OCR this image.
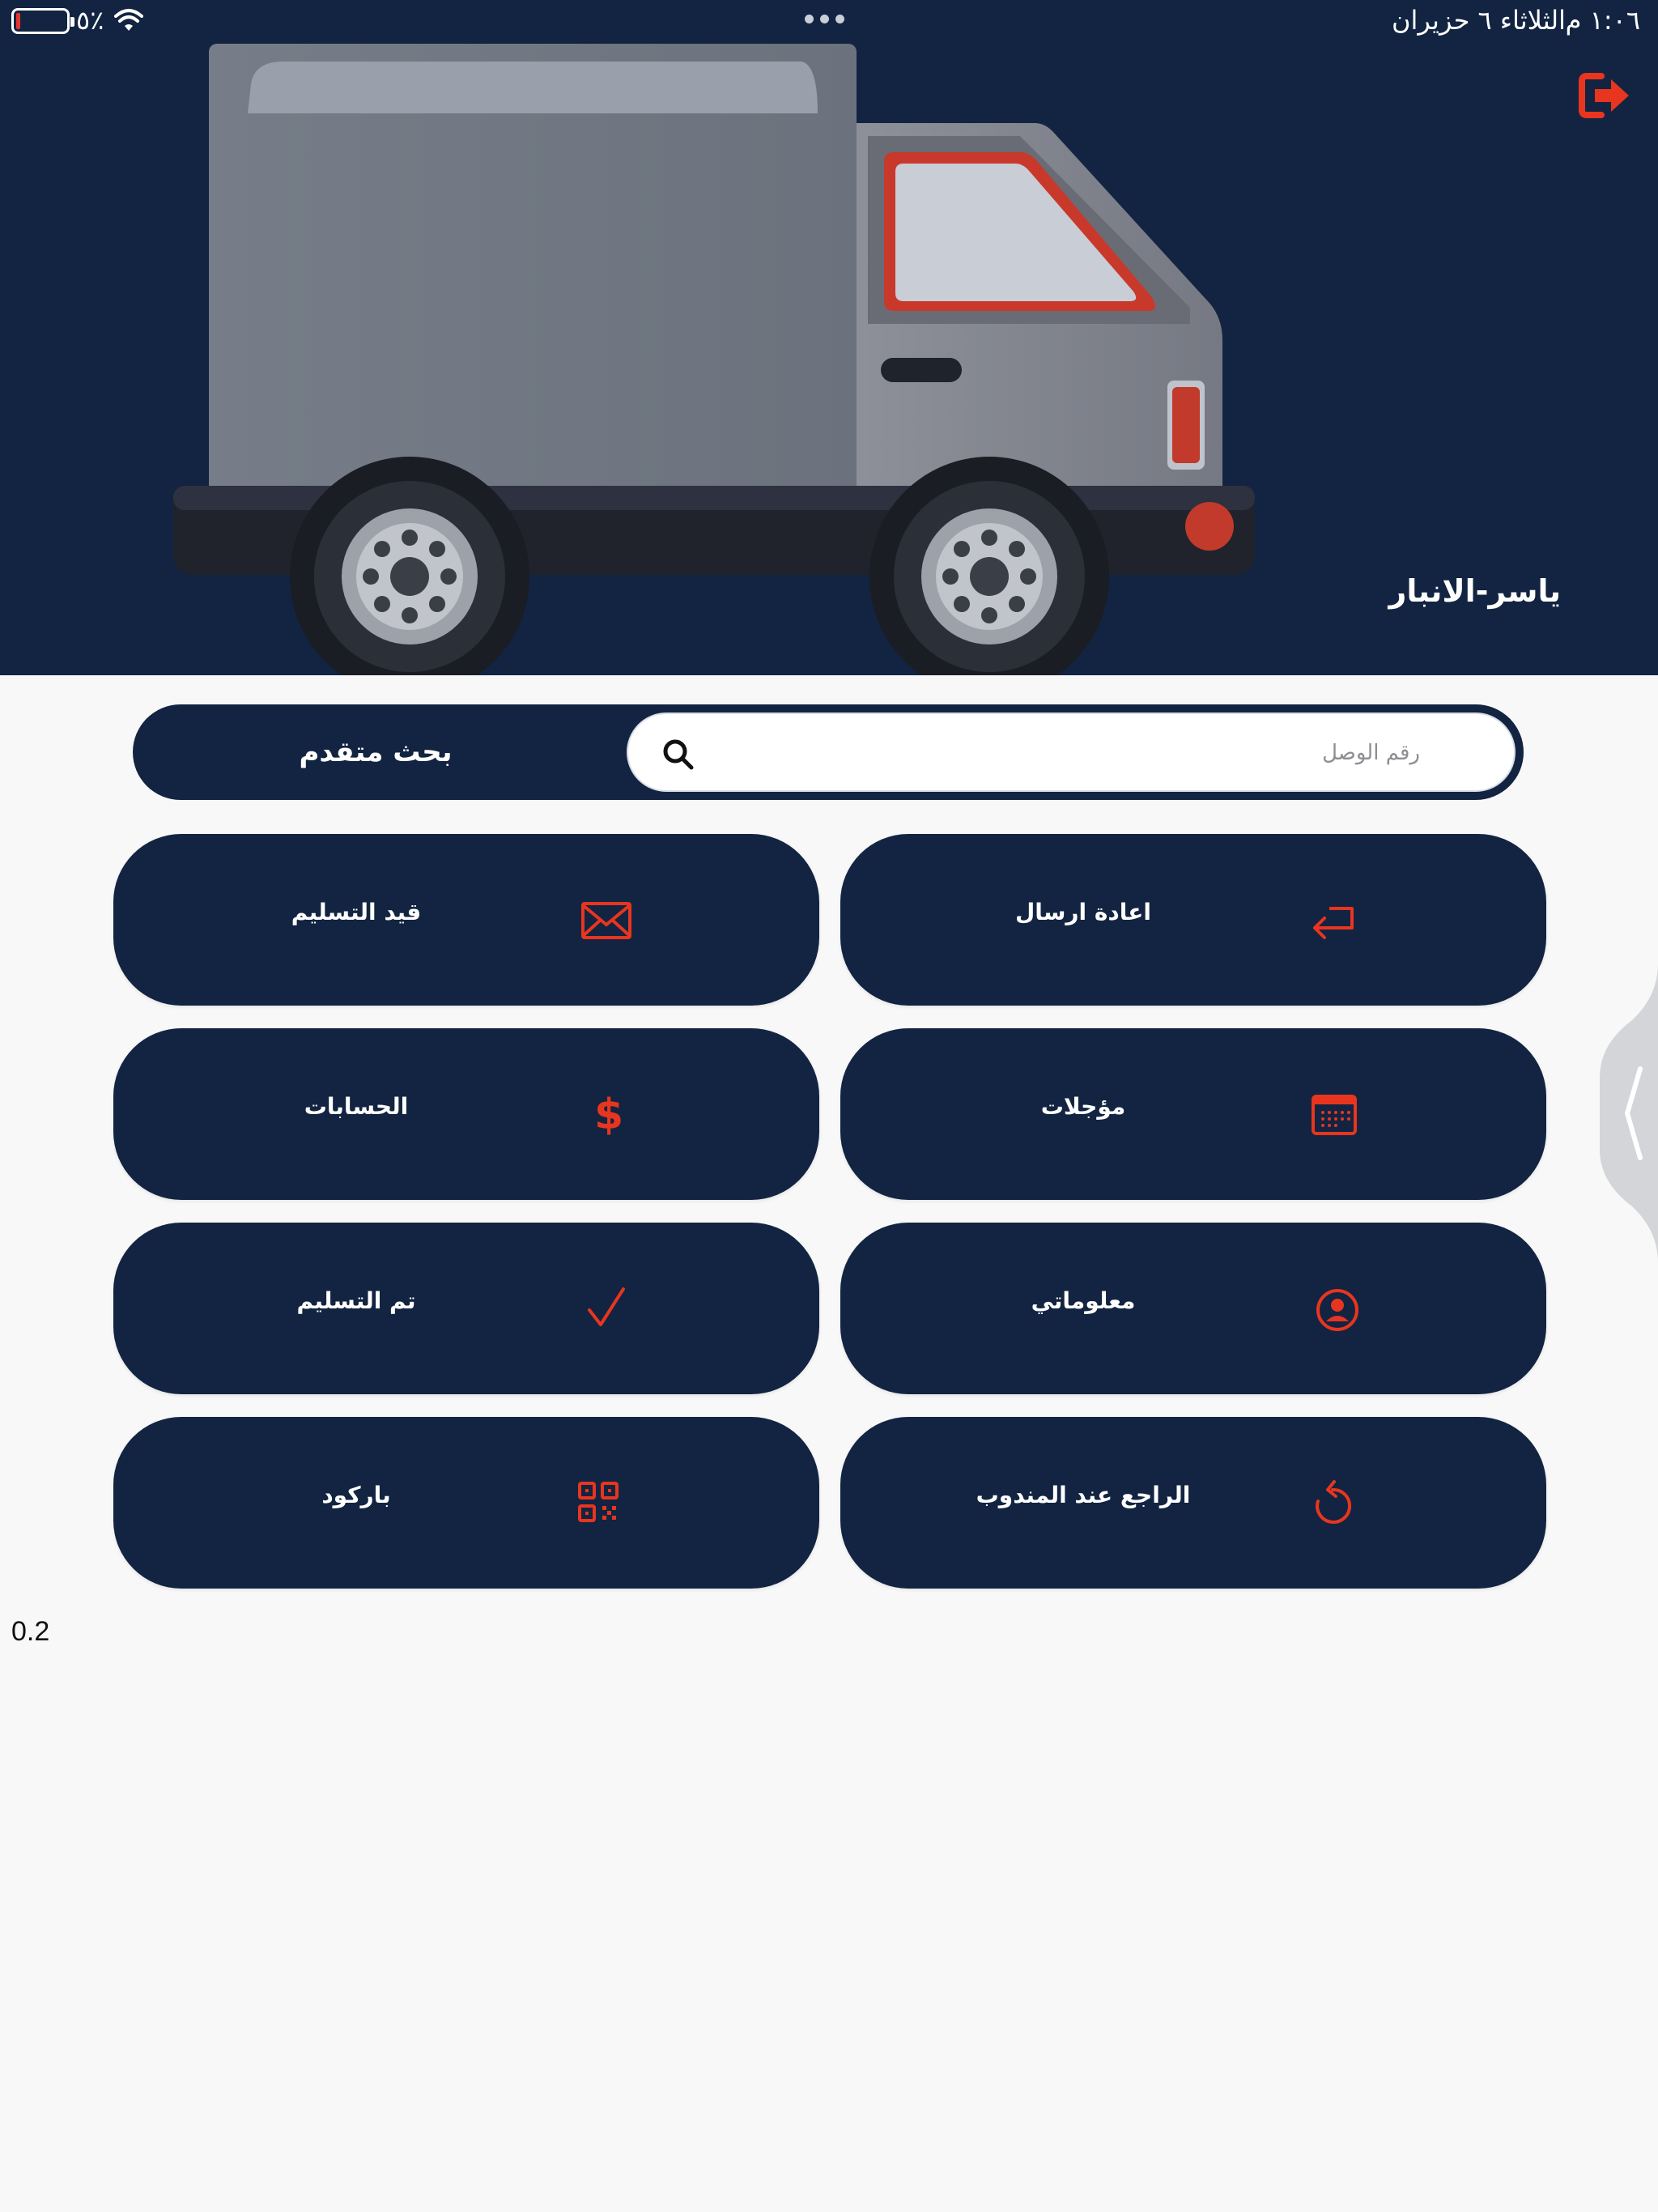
٥٪	الثلاثاء ٦ حزيران ١:٠٦ م
ياسر-الانبار
بحث متقدم
رقم الوصل
قيد التسليم	اعادة ارسال
الحسابات	$	مؤجلات
تم التسليم	معلوماتي
باركود	الراجع عند المندوب
0.2
